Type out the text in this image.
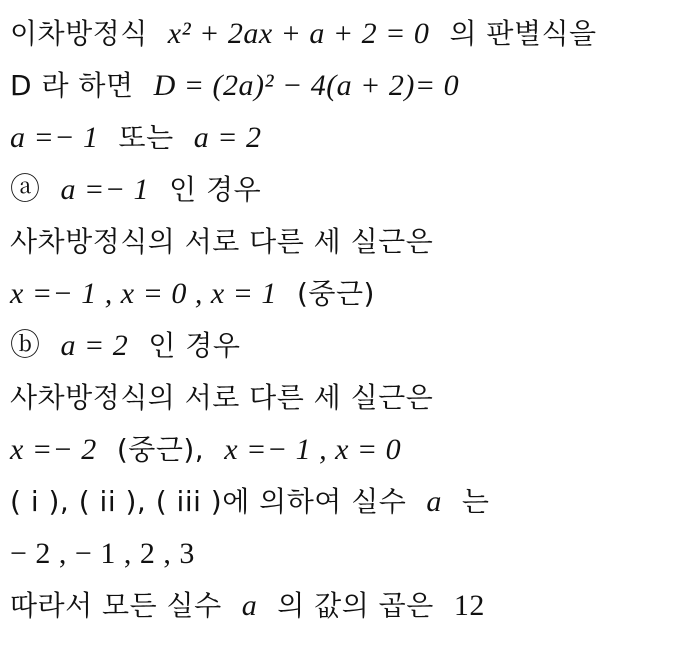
이차방정식 x² + 2ax + a + 2 = 0 의 판별식을
D 라 하면 D = (2a)² − 4(a + 2)= 0
a =− 1 또는 a = 2
ⓐ a =− 1 인 경우
사차방정식의 서로 다른 세 실근은
x =− 1 , x = 0 , x = 1 (중근)
ⓑ a = 2 인 경우
사차방정식의 서로 다른 세 실근은
x =− 2 (중근), x =− 1 , x = 0
( i ), ( ii ), ( iii )에 의하여 실수 a 는
− 2 , − 1 , 2 , 3
따라서 모든 실수 a 의 값의 곱은 12
